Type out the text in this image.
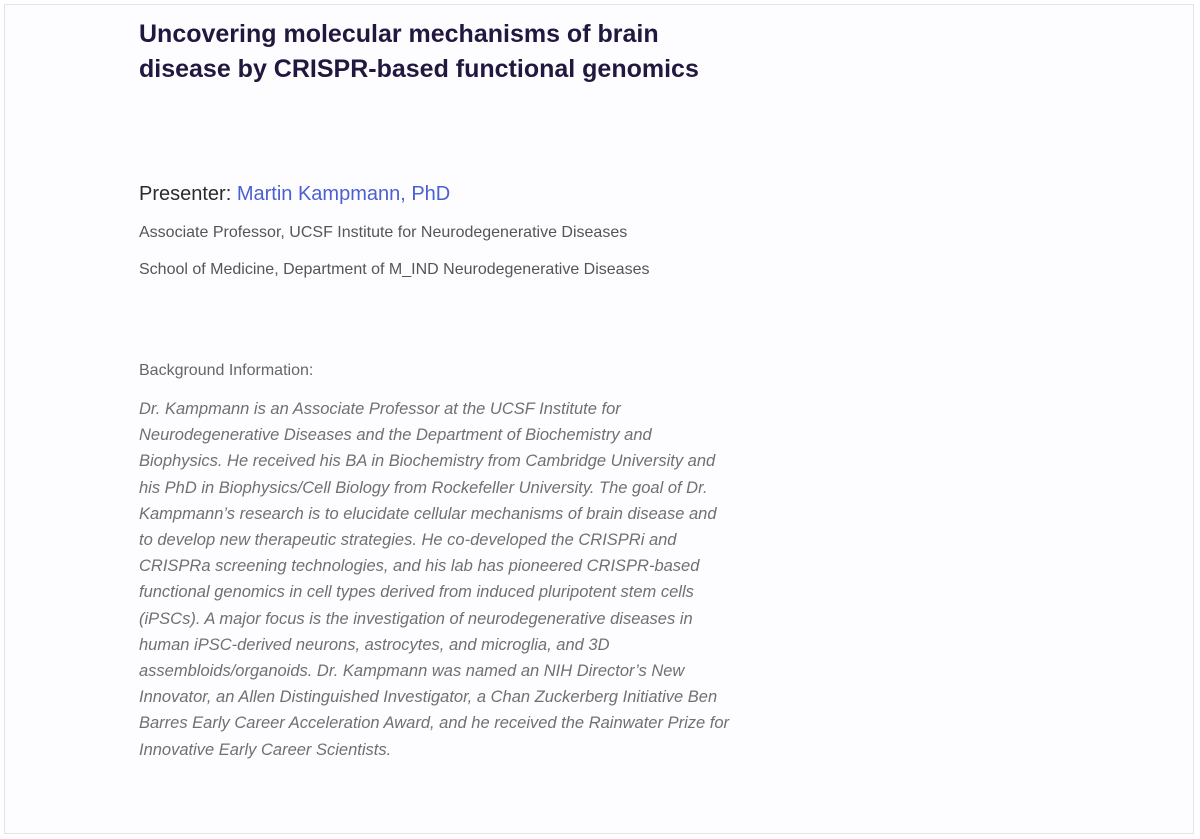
Uncovering molecular mechanisms of brain disease by CRISPR-based functional genomics
Presenter: Martin Kampmann, PhD
Associate Professor, UCSF Institute for Neurodegenerative Diseases
School of Medicine, Department of M_IND Neurodegenerative Diseases
Background Information:

Dr. Kampmann is an Associate Professor at the UCSF Institute for Neurodegenerative Diseases and the Department of Biochemistry and Biophysics. He received his BA in Biochemistry from Cambridge University and his PhD in Biophysics/Cell Biology from Rockefeller University. The goal of Dr. Kampmann’s research is to elucidate cellular mechanisms of brain disease and to develop new therapeutic strategies. He co-developed the CRISPRi and CRISPRa screening technologies, and his lab has pioneered CRISPR-based functional genomics in cell types derived from induced pluripotent stem cells (iPSCs). A major focus is the investigation of neurodegenerative diseases in human iPSC-derived neurons, astrocytes, and microglia, and 3D assembloids/organoids. Dr. Kampmann was named an NIH Director’s New Innovator, an Allen Distinguished Investigator, a Chan Zuckerberg Initiative Ben Barres Early Career Acceleration Award, and he received the Rainwater Prize for Innovative Early Career Scientists.
